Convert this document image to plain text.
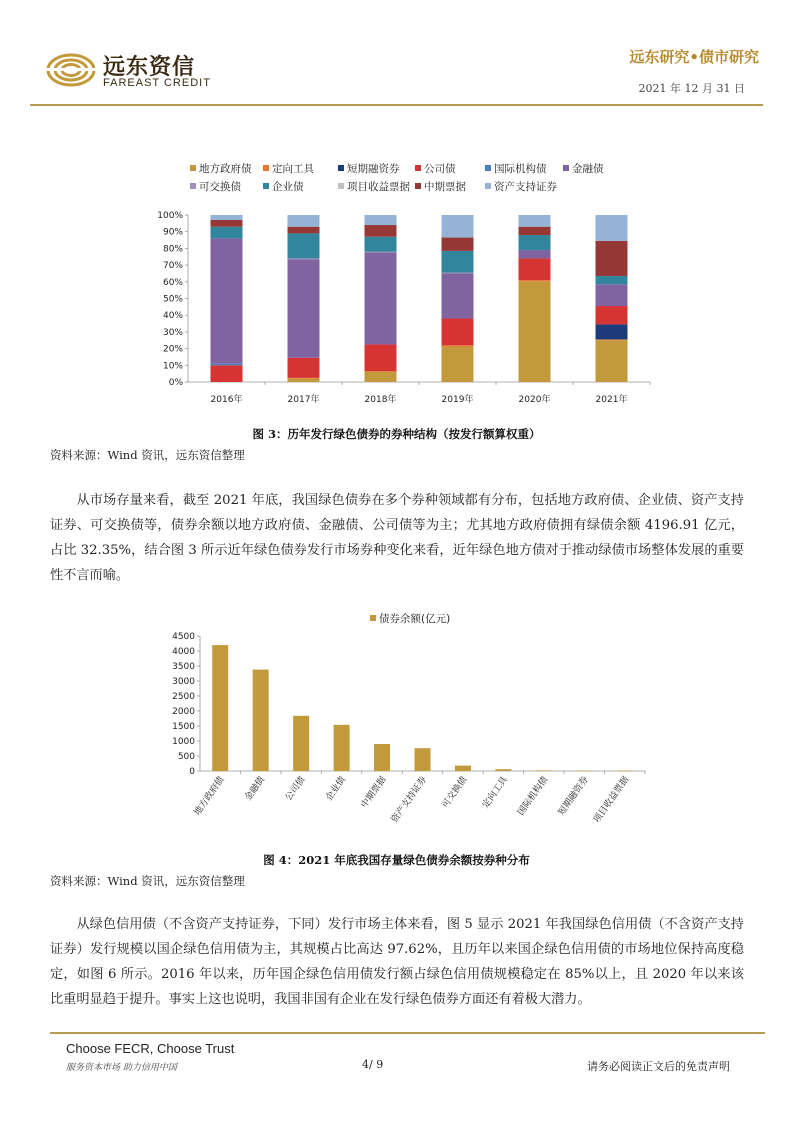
远东资信
FAREAST CREDIT
远东研究•债市研究
2021 年 12 月 31 日
地方政府债 定向工具	短期融资券 公司债	国际机构债 金融债
可交换债	企业债	项目收益票据 中期票据	资产支持证券
0%
10%
20%
30%
40%
50%
60%
70%
80%
90%
100%
2016年	2017年	2018年	2019年	2020年	2021年
图 3：历年发行绿色债券的券种结构（按发行额算权重）
资料来源：Wind 资讯，远东资信整理
从市场存量来看，截至 2021 年底，我国绿色债券在多个券种领域都有分布，包括地方政府债、企业债、资产支持证券、可交换债等，债券余额以地方政府债、金融债、公司债等为主；尤其地方政府债拥有绿债余额 4196.91 亿元，占比 32.35%，结合图 3 所示近年绿色债券发行市场券种变化来看，近年绿色地方债对于推动绿债市场整体发展的重要性不言而喻。
债券余额(亿元)
0
500
1000
1500
2000
2500
3000
3500
4000
4500
地方政府债 金融债 公司债 企业债 中期票据 资产支持证券 可交换债 定向工具 国际机构债 短期融资券 项目收益票据
图 4：2021 年底我国存量绿色债券余额按券种分布
资料来源：Wind 资讯，远东资信整理
从绿色信用债（不含资产支持证券，下同）发行市场主体来看，图 5 显示 2021 年我国绿色信用债（不含资产支持证券）发行规模以国企绿色信用债为主，其规模占比高达 97.62%，且历年以来国企绿色信用债的市场地位保持高度稳定，如图 6 所示。2016 年以来，历年国企绿色信用债发行额占绿色信用债规模稳定在 85%以上，且 2020 年以来该比重明显趋于提升。事实上这也说明，我国非国有企业在发行绿色债券方面还有着极大潜力。
Choose FECR, Choose Trust
服务资本市场 助力信用中国	4/ 9	请务必阅读正文后的免责声明
